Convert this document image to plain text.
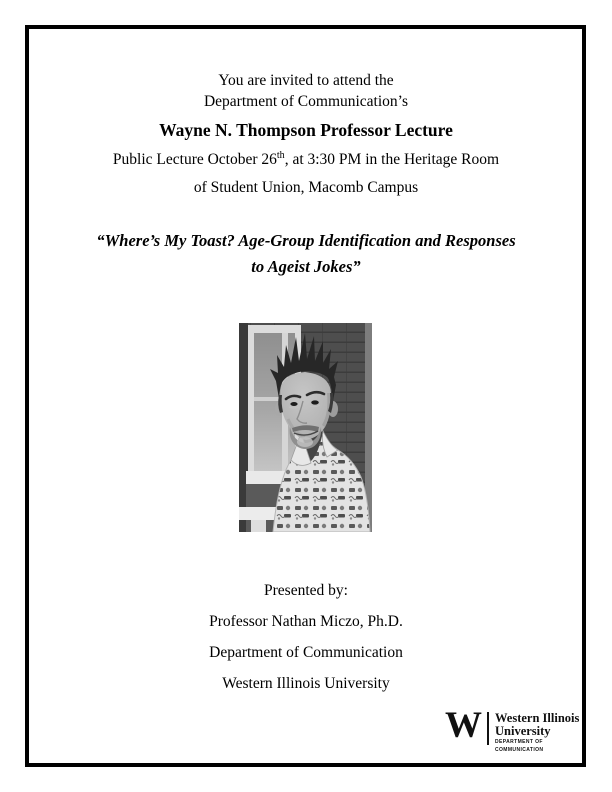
You are invited to attend the
Department of Communication’s
Wayne N. Thompson Professor Lecture
Public Lecture October 26th, at 3:30 PM in the Heritage Room
of Student Union, Macomb Campus
“Where’s My Toast? Age-Group Identification and Responses
to Ageist Jokes”
Presented by:
Professor Nathan Miczo, Ph.D.
Department of Communication
Western Illinois University
W Western Illinois
University
DEPARTMENT OF
COMMUNICATION
